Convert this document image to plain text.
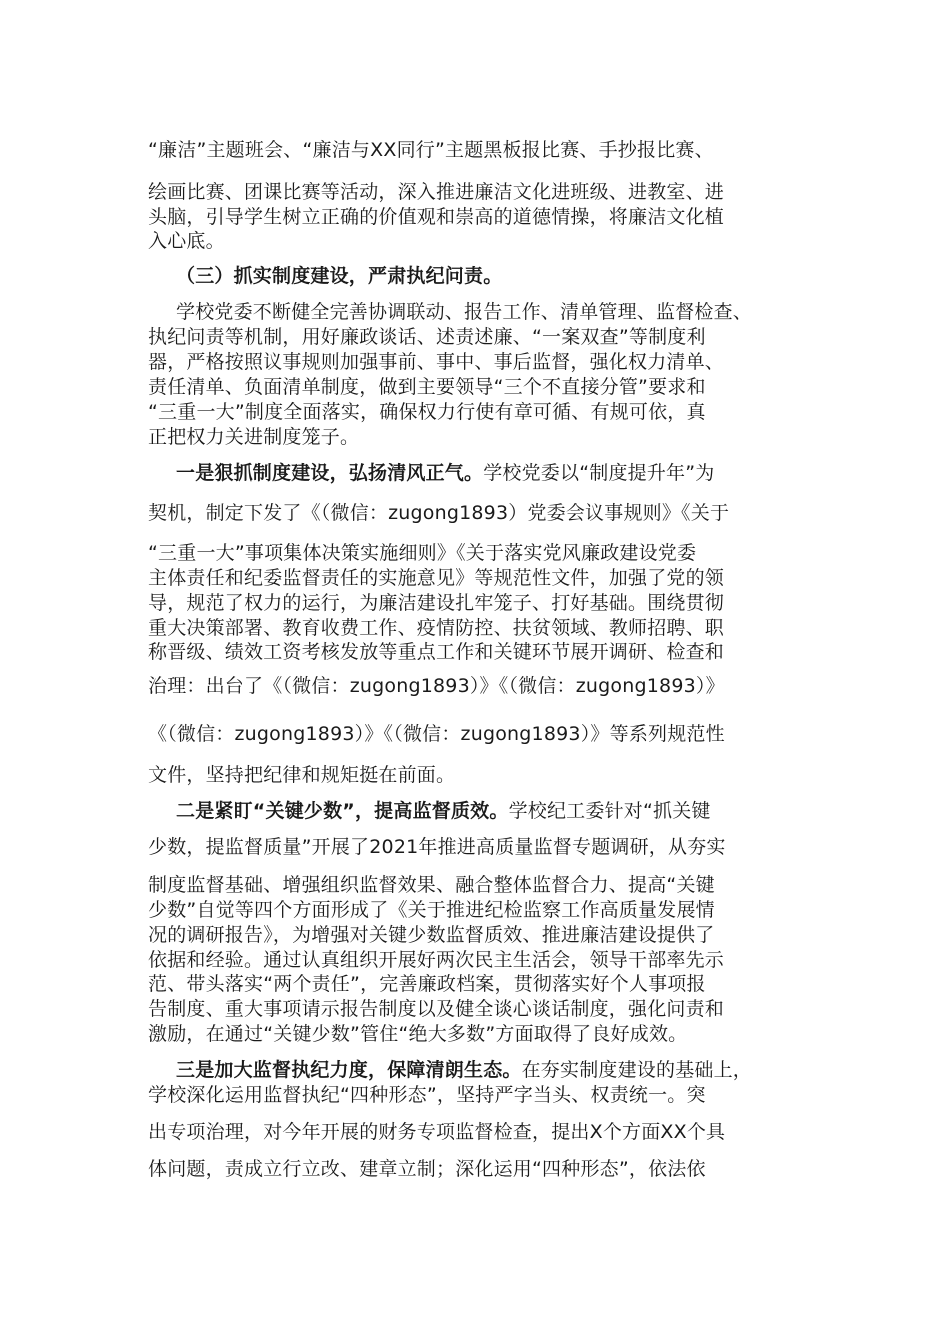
“廉洁”主题班会、“廉洁与XX同行”主题黑板报比赛、手抄报比赛、
绘画比赛、团课比赛等活动，深入推进廉洁文化进班级、进教室、进
头脑，引导学生树立正确的价值观和崇高的道德情操，将廉洁文化植
入心底。
（三）抓实制度建设，严肃执纪问责。
学校党委不断健全完善协调联动、报告工作、清单管理、监督检查、
执纪问责等机制，用好廉政谈话、述责述廉、“一案双查”等制度利
器，严格按照议事规则加强事前、事中、事后监督，强化权力清单、
责任清单、负面清单制度，做到主要领导“三个不直接分管”要求和
“三重一大”制度全面落实，确保权力行使有章可循、有规可依，真
正把权力关进制度笼子。
一是狠抓制度建设，弘扬清风正气。学校党委以“制度提升年”为
契机，制定下发了《（微信：zugong1893）党委会议事规则》《关于
“三重一大”事项集体决策实施细则》《关于落实党风廉政建设党委
主体责任和纪委监督责任的实施意见》等规范性文件，加强了党的领
导，规范了权力的运行，为廉洁建设扎牢笼子、打好基础。围绕贯彻
重大决策部署、教育收费工作、疫情防控、扶贫领域、教师招聘、职
称晋级、绩效工资考核发放等重点工作和关键环节展开调研、检查和
治理：出台了《（微信：zugong1893）》《（微信：zugong1893）》
《（微信：zugong1893）》《（微信：zugong1893）》等系列规范性
文件，坚持把纪律和规矩挺在前面。
二是紧盯“关键少数”，提高监督质效。学校纪工委针对“抓关键
少数，提监督质量”开展了2021年推进高质量监督专题调研，从夯实
制度监督基础、增强组织监督效果、融合整体监督合力、提高“关键
少数”自觉等四个方面形成了《关于推进纪检监察工作高质量发展情
况的调研报告》，为增强对关键少数监督质效、推进廉洁建设提供了
依据和经验。通过认真组织开展好两次民主生活会，领导干部率先示
范、带头落实“两个责任”，完善廉政档案，贯彻落实好个人事项报
告制度、重大事项请示报告制度以及健全谈心谈话制度，强化问责和
激励，在通过“关键少数”管住“绝大多数”方面取得了良好成效。
三是加大监督执纪力度，保障清朗生态。在夯实制度建设的基础上，
学校深化运用监督执纪“四种形态”，坚持严字当头、权责统一。突
出专项治理，对今年开展的财务专项监督检查，提出X个方面XX个具
体问题，责成立行立改、建章立制；深化运用“四种形态”，依法依
